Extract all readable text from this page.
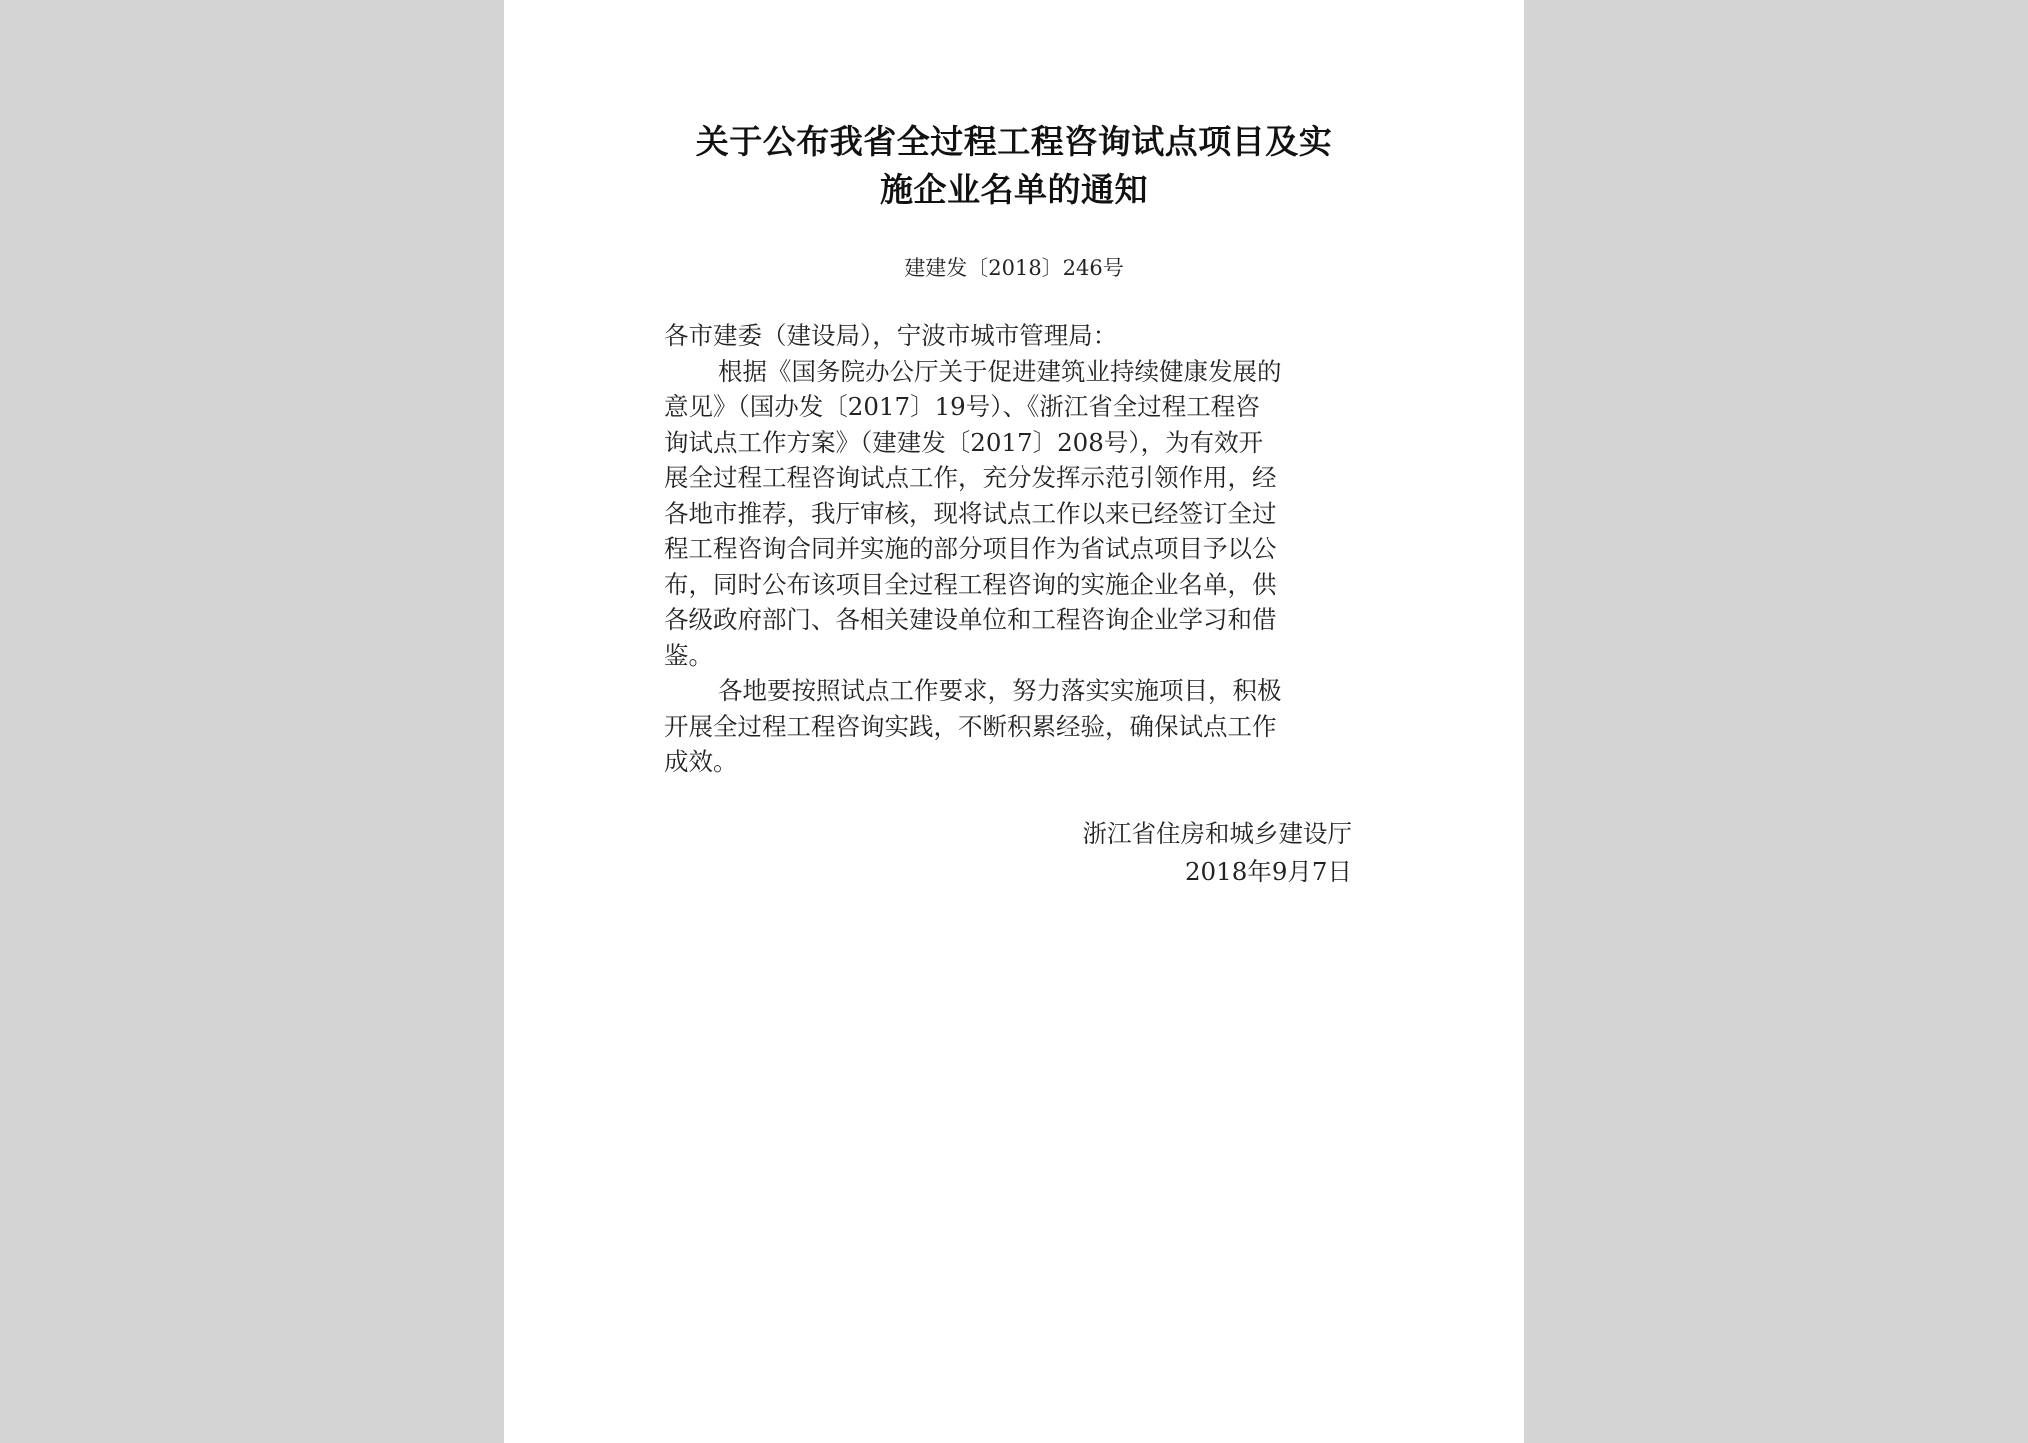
关于公布我省全过程工程咨询试点项目及实
施企业名单的通知
建建发〔2018〕246号

各市建委（建设局），宁波市城市管理局：

根据《国务院办公厅关于促进建筑业持续健康发展的
意见》（国办发〔2017〕19号）、《浙江省全过程工程咨
询试点工作方案》（建建发〔2017〕208号），为有效开
展全过程工程咨询试点工作，充分发挥示范引领作用，经
各地市推荐，我厅审核，现将试点工作以来已经签订全过
程工程咨询合同并实施的部分项目作为省试点项目予以公
布，同时公布该项目全过程工程咨询的实施企业名单，供
各级政府部门、各相关建设单位和工程咨询企业学习和借
鉴。

各地要按照试点工作要求，努力落实实施项目，积极
开展全过程工程咨询实践，不断积累经验，确保试点工作
成效。

浙江省住房和城乡建设厅
2018年9月7日
